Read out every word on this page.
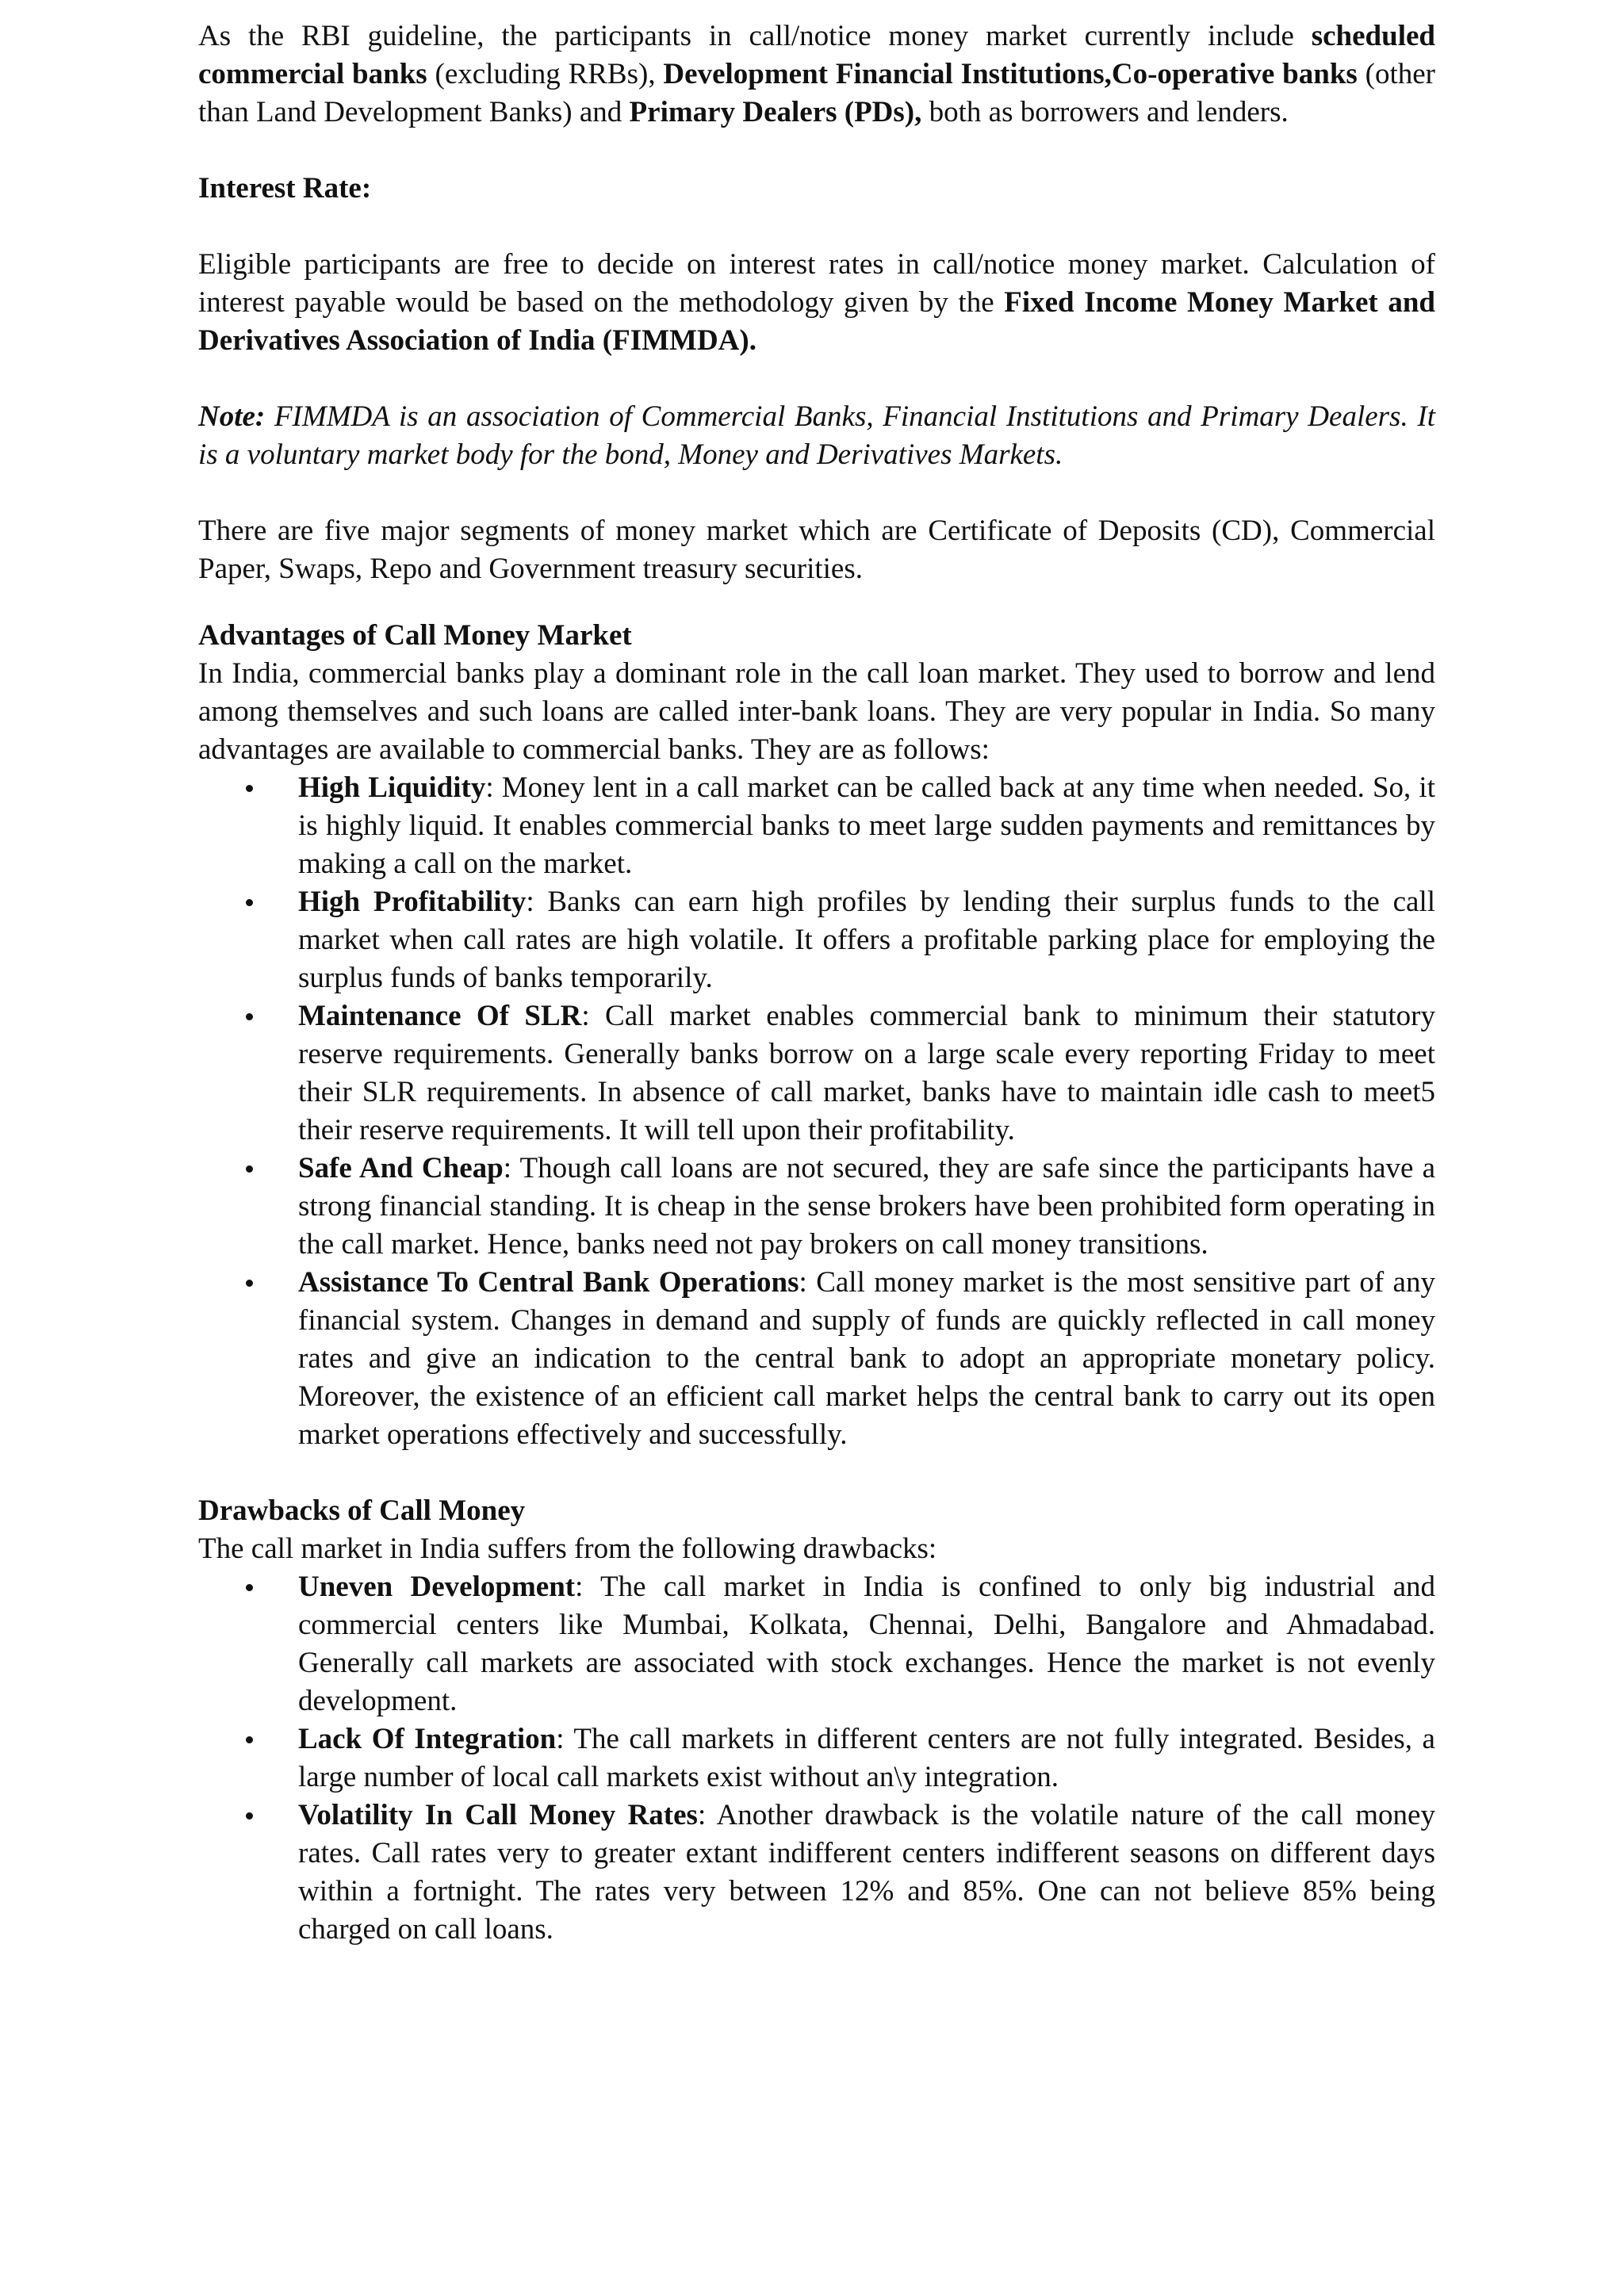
As the RBI guideline, the participants in call/notice money market currently include scheduled commercial banks (excluding RRBs), Development Financial Institutions,Co-operative banks (other than Land Development Banks) and Primary Dealers (PDs), both as borrowers and lenders.

Interest Rate:

Eligible participants are free to decide on interest rates in call/notice money market. Calculation of interest payable would be based on the methodology given by the Fixed Income Money Market and Derivatives Association of India (FIMMDA).

Note: FIMMDA is an association of Commercial Banks, Financial Institutions and Primary Dealers. It is a voluntary market body for the bond, Money and Derivatives Markets.

There are five major segments of money market which are Certificate of Deposits (CD), Commercial Paper, Swaps, Repo and Government treasury securities.

Advantages of Call Money Market

In India, commercial banks play a dominant role in the call loan market. They used to borrow and lend among themselves and such loans are called inter-bank loans. They are very popular in India. So many advantages are available to commercial banks. They are as follows:

High Liquidity: Money lent in a call market can be called back at any time when needed. So, it is highly liquid. It enables commercial banks to meet large sudden payments and remittances by making a call on the market.
High Profitability: Banks can earn high profiles by lending their surplus funds to the call market when call rates are high volatile. It offers a profitable parking place for employing the surplus funds of banks temporarily.
Maintenance Of SLR: Call market enables commercial bank to minimum their statutory reserve requirements. Generally banks borrow on a large scale every reporting Friday to meet their SLR requirements. In absence of call market, banks have to maintain idle cash to meet5 their reserve requirements. It will tell upon their profitability.
Safe And Cheap: Though call loans are not secured, they are safe since the participants have a strong financial standing. It is cheap in the sense brokers have been prohibited form operating in the call market. Hence, banks need not pay brokers on call money transitions.
Assistance To Central Bank Operations: Call money market is the most sensitive part of any financial system. Changes in demand and supply of funds are quickly reflected in call money rates and give an indication to the central bank to adopt an appropriate monetary policy. Moreover, the existence of an efficient call market helps the central bank to carry out its open market operations effectively and successfully.

Drawbacks of Call Money

The call market in India suffers from the following drawbacks:

Uneven Development: The call market in India is confined to only big industrial and commercial centers like Mumbai, Kolkata, Chennai, Delhi, Bangalore and Ahmadabad. Generally call markets are associated with stock exchanges. Hence the market is not evenly development.
Lack Of Integration: The call markets in different centers are not fully integrated. Besides, a large number of local call markets exist without an\y integration.
Volatility In Call Money Rates: Another drawback is the volatile nature of the call money rates. Call rates very to greater extant indifferent centers indifferent seasons on different days within a fortnight. The rates very between 12% and 85%. One can not believe 85% being charged on call loans.
